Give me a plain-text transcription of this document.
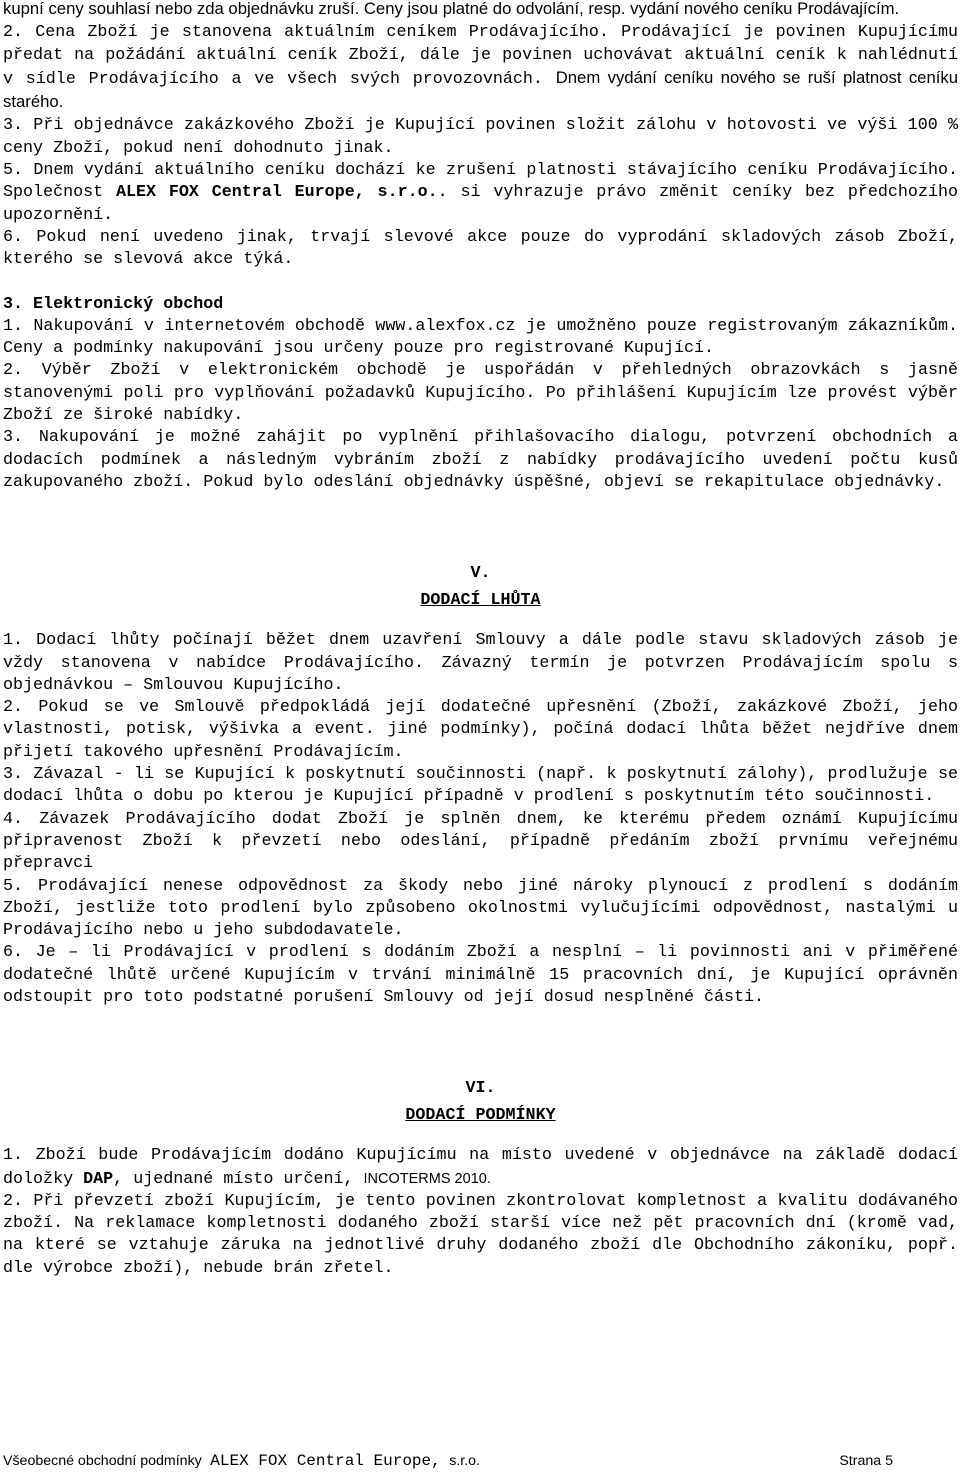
kupní ceny souhlasí nebo zda objednávku zruší. Ceny jsou platné do odvolání, resp. vydání nového ceníku Prodávajícím.

2. Cena Zboží je stanovena aktuálním ceníkem Prodávajícího. Prodávající je povinen Kupujícímu předat na požádání aktuální ceník Zboží, dále je povinen uchovávat aktuální ceník k nahlédnutí v sídle Prodávajícího a ve všech svých provozovnách. Dnem vydání ceníku nového se ruší platnost ceníku starého.

3. Při objednávce zakázkového Zboží je Kupující povinen složit zálohu v hotovosti ve výši 100 % ceny Zboží, pokud není dohodnuto jinak.

5. Dnem vydání aktuálního ceníku dochází ke zrušení platnosti stávajícího ceníku Prodávajícího. Společnost ALEX FOX Central Europe, s.r.o.. si vyhrazuje právo změnit ceníky bez předchozího upozornění.

6. Pokud není uvedeno jinak, trvají slevové akce pouze do vyprodání skladových zásob Zboží, kterého se slevová akce týká.

3. Elektronický obchod

1. Nakupování v internetovém obchodě www.alexfox.cz je umožněno pouze registrovaným zákazníkům. Ceny a podmínky nakupování jsou určeny pouze pro registrované Kupující.

2. Výběr Zboží v elektronickém obchodě je uspořádán v přehledných obrazovkách s jasně stanovenými poli pro vyplňování požadavků Kupujícího. Po přihlášení Kupujícím lze provést výběr Zboží ze široké nabídky.

3. Nakupování je možné zahájit po vyplnění přihlašovacího dialogu, potvrzení obchodních a dodacích podmínek a následným vybráním zboží z nabídky prodávajícího uvedení počtu kusů zakupovaného zboží. Pokud bylo odeslání objednávky úspěšné, objeví se rekapitulace objednávky.

V.

DODACÍ LHŮTA

1. Dodací lhůty počínají běžet dnem uzavření Smlouvy a dále podle stavu skladových zásob je vždy stanovena v nabídce Prodávajícího. Závazný termín je potvrzen Prodávajícím spolu s objednávkou – Smlouvou Kupujícího.

2. Pokud se ve Smlouvě předpokládá její dodatečné upřesnění (Zboží, zakázkové Zboží, jeho vlastnosti, potisk, výšivka a event. jiné podmínky), počíná dodací lhůta běžet nejdříve dnem přijetí takového upřesnění Prodávajícím.

3. Závazal - li se Kupující k poskytnutí součinnosti (např. k poskytnutí zálohy), prodlužuje se dodací lhůta o dobu po kterou je Kupující případně v prodlení s poskytnutím této součinnosti.

4. Závazek Prodávajícího dodat Zboží je splněn dnem, ke kterému předem oznámí Kupujícímu připravenost Zboží k převzetí nebo odeslání, případně předáním zboží prvnímu veřejnému přepravci

5. Prodávající nenese odpovědnost za škody nebo jiné nároky plynoucí z prodlení s dodáním Zboží, jestliže toto prodlení bylo způsobeno okolnostmi vylučujícími odpovědnost, nastalými u Prodávajícího nebo u jeho subdodavatele.

6. Je – li Prodávající v prodlení s dodáním Zboží a nesplní – li povinnosti ani v přiměřené dodatečné lhůtě určené Kupujícím v trvání minimálně 15 pracovních dní, je Kupující oprávněn odstoupit pro toto podstatné porušení Smlouvy od její dosud nesplněné části.

VI.

DODACÍ PODMÍNKY

1. Zboží bude Prodávajícím dodáno Kupujícímu na místo uvedené v objednávce na základě dodací doložky DAP, ujednané místo určení, INCOTERMS 2010.

2. Při převzetí zboží Kupujícím, je tento povinen zkontrolovat kompletnost a kvalitu dodávaného zboží. Na reklamace kompletnosti dodaného zboží starší více než pět pracovních dní (kromě vad, na které se vztahuje záruka na jednotlivé druhy dodaného zboží dle Obchodního zákoníku, popř. dle výrobce zboží), nebude brán zřetel.

Všeobecné obchodní podmínky ALEX FOX Central Europe, s.r.o.	Strana 5
